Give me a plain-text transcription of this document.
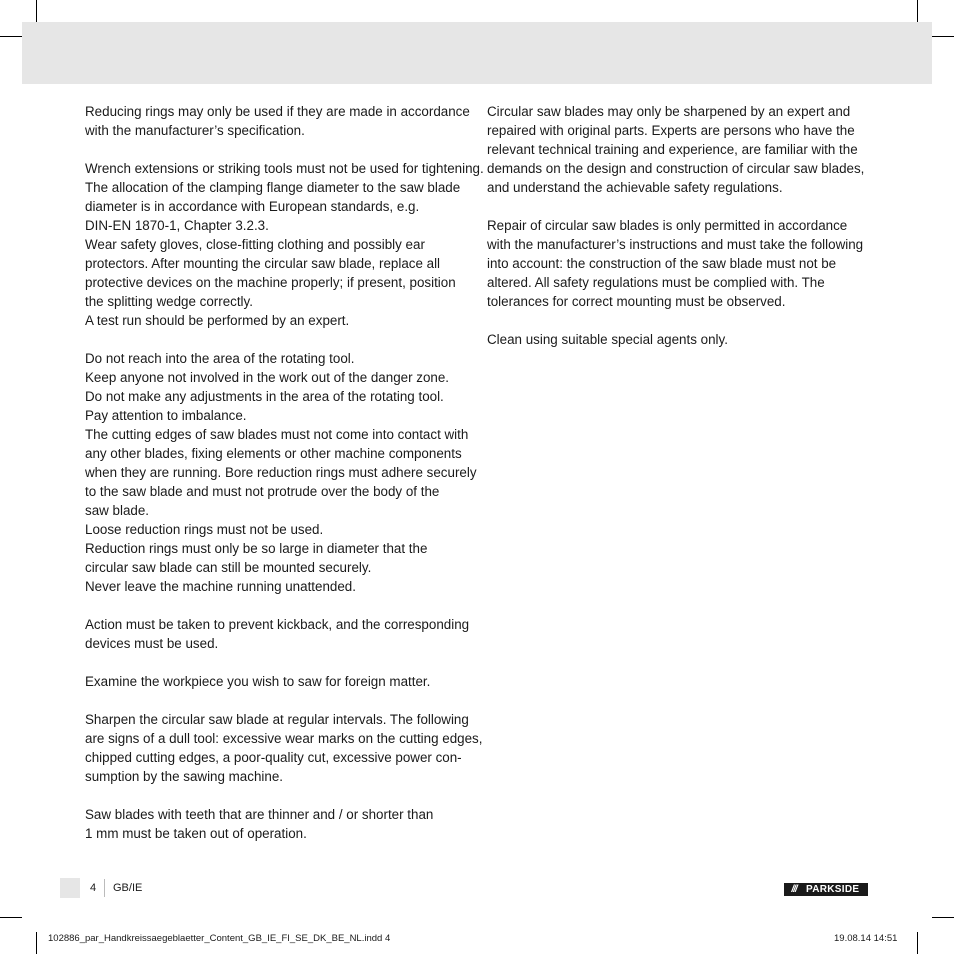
Reducing rings may only be used if they are made in accordance
with the manufacturer’s specification.
Wrench extensions or striking tools must not be used for tightening.
The allocation of the clamping flange diameter to the saw blade
diameter is in accordance with European standards, e.g.
DIN-EN 1870-1, Chapter 3.2.3.
Wear safety gloves, close-fitting clothing and possibly ear
protectors. After mounting the circular saw blade, replace all
protective devices on the machine properly; if present, position
the splitting wedge correctly.
A test run should be performed by an expert.
Do not reach into the area of the rotating tool.
Keep anyone not involved in the work out of the danger zone.
Do not make any adjustments in the area of the rotating tool.
Pay attention to imbalance.
The cutting edges of saw blades must not come into contact with
any other blades, fixing elements or other machine components
when they are running. Bore reduction rings must adhere securely
to the saw blade and must not protrude over the body of the
saw blade.
Loose reduction rings must not be used.
Reduction rings must only be so large in diameter that the
circular saw blade can still be mounted securely.
Never leave the machine running unattended.
Action must be taken to prevent kickback, and the corresponding
devices must be used.
Examine the workpiece you wish to saw for foreign matter.
Sharpen the circular saw blade at regular intervals. The following
are signs of a dull tool: excessive wear marks on the cutting edges,
chipped cutting edges, a poor-quality cut, excessive power con-
sumption by the sawing machine.
Saw blades with teeth that are thinner and / or shorter than
1 mm must be taken out of operation.
Circular saw blades may only be sharpened by an expert and
repaired with original parts. Experts are persons who have the
relevant technical training and experience, are familiar with the
demands on the design and construction of circular saw blades,
and understand the achievable safety regulations.
Repair of circular saw blades is only permitted in accordance
with the manufacturer’s instructions and must take the following
into account: the construction of the saw blade must not be
altered. All safety regulations must be complied with. The
tolerances for correct mounting must be observed.
Clean using suitable special agents only.
4 GB/IE	/// PARKSIDE
102886_par_Handkreissaegeblaetter_Content_GB_IE_FI_SE_DK_BE_NL.indd 4	19.08.14 14:51
